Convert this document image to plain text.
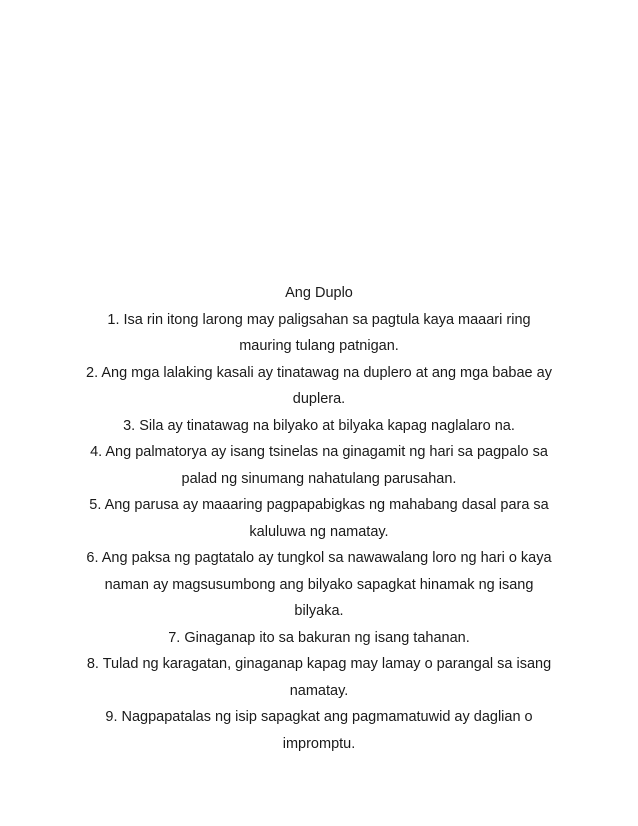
Ang Duplo

1. Isa rin itong larong may paligsahan sa pagtula kaya maaari ring mauring tulang patnigan.

2. Ang mga lalaking kasali ay tinatawag na duplero at ang mga babae ay duplera.

3. Sila ay tinatawag na bilyako at bilyaka kapag naglalaro na.

4. Ang palmatorya ay isang tsinelas na ginagamit ng hari sa pagpalo sa palad ng sinumang nahatulang parusahan.

5. Ang parusa ay maaaring pagpapabigkas ng mahabang dasal para sa kaluluwa ng namatay.

6. Ang paksa ng pagtatalo ay tungkol sa nawawalang loro ng hari o kaya naman ay magsusumbong ang bilyako sapagkat hinamak ng isang bilyaka.

7. Ginaganap ito sa bakuran ng isang tahanan.

8. Tulad ng karagatan, ginaganap kapag may lamay o parangal sa isang namatay.

9. Nagpapatalas ng isip sapagkat ang pagmamatuwid ay daglian o impromptu.
